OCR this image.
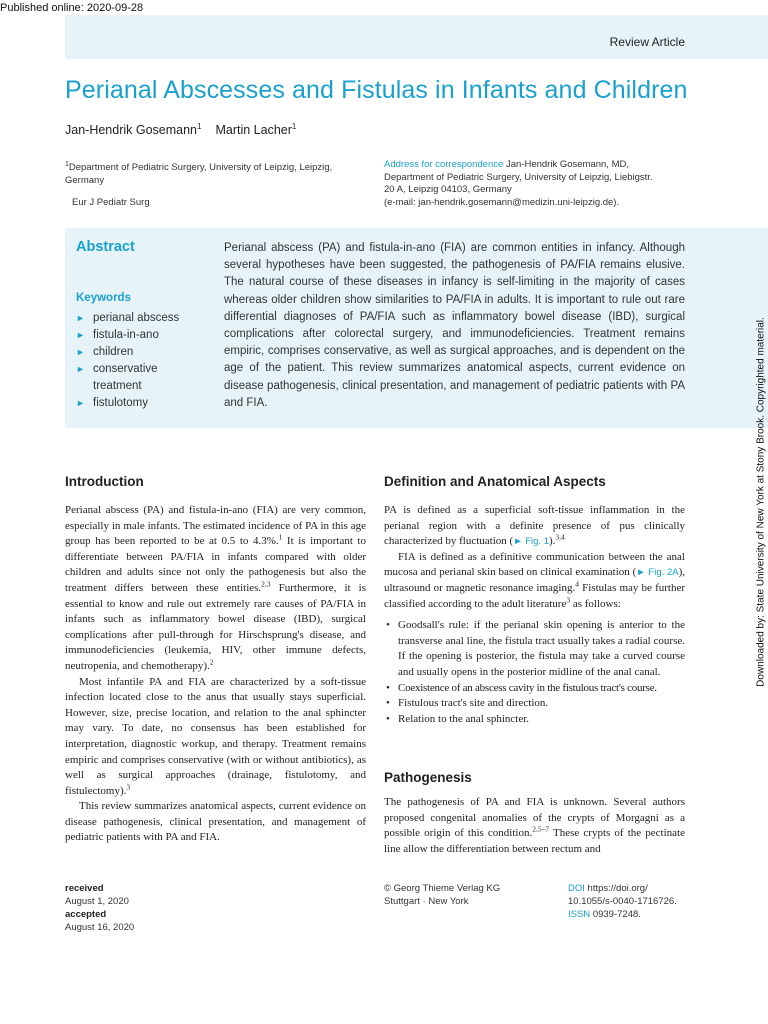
Published online: 2020-09-28
Review Article
Perianal Abscesses and Fistulas in Infants and Children
Jan-Hendrik Gosemann$^1$ Martin Lacher$^1$
$^1$Department of Pediatric Surgery, University of Leipzig, Leipzig, Germany
Eur J Pediatr Surg
Address for correspondence Jan-Hendrik Gosemann, MD,
Department of Pediatric Surgery, University of Leipzig, Liebigstr.
20 A, Leipzig 04103, Germany
(e-mail: jan-hendrik.gosemann@medizin.uni-leipzig.de).
Abstract
Keywords
► perianal abscess
► fistula-in-ano
► children
► conservative treatment
► fistulotomy
Perianal abscess (PA) and fistula-in-ano (FIA) are common entities in infancy. Although several hypotheses have been suggested, the pathogenesis of PA/FIA remains elusive. The natural course of these diseases in infancy is self-limiting in the majority of cases whereas older children show similarities to PA/FIA in adults. It is important to rule out rare differential diagnoses of PA/FIA such as inflammatory bowel disease (IBD), surgical complications after colorectal surgery, and immunodeficiencies. Treatment remains empiric, comprises conservative, as well as surgical approaches, and is dependent on the age of the patient. This review summarizes anatomical aspects, current evidence on disease pathogenesis, clinical presentation, and management of pediatric patients with PA and FIA.
Introduction

Perianal abscess (PA) and fistula-in-ano (FIA) are very common, especially in male infants. The estimated incidence of PA in this age group has been reported to be at 0.5 to 4.3%.$^1$ It is important to differentiate between PA/FIA in infants compared with older children and adults since not only the pathogenesis but also the treatment differs between these entities.$^{2,3}$ Furthermore, it is essential to know and rule out extremely rare causes of PA/FIA in infants such as inflammatory bowel disease (IBD), surgical complications after pull-through for Hirschsprung's disease, and immunodeficiencies (leukemia, HIV, other immune defects, neutropenia, and chemotherapy).$^2$

Most infantile PA and FIA are characterized by a soft-tissue infection located close to the anus that usually stays superficial. However, size, precise location, and relation to the anal sphincter may vary. To date, no consensus has been established for interpretation, diagnostic workup, and therapy. Treatment remains empiric and comprises conservative (with or without antibiotics), as well as surgical approaches (drainage, fistulotomy, and fistulectomy).$^3$

This review summarizes anatomical aspects, current evidence on disease pathogenesis, clinical presentation, and management of pediatric patients with PA and FIA.

Definition and Anatomical Aspects

PA is defined as a superficial soft-tissue inflammation in the perianal region with a definite presence of pus clinically characterized by fluctuation (► Fig. 1).$^{3,4}$

FIA is defined as a definitive communication between the anal mucosa and perianal skin based on clinical examination (► Fig. 2A), ultrasound or magnetic resonance imaging.$^4$ Fistulas may be further classified according to the adult literature$^3$ as follows:

• Goodsall's rule: if the perianal skin opening is anterior to the transverse anal line, the fistula tract usually takes a radial course. If the opening is posterior, the fistula may take a curved course and usually opens in the posterior midline of the anal canal.
• Coexistence of an abscess cavity in the fistulous tract's course.
• Fistulous tract's site and direction.
• Relation to the anal sphincter.
Pathogenesis

The pathogenesis of PA and FIA is unknown. Several authors proposed congenital anomalies of the crypts of Morgagni as a possible origin of this condition.$^{2,5-7}$ These crypts of the pectinate line allow the differentiation between rectum and

received
August 1, 2020
accepted
August 16, 2020
© Georg Thieme Verlag KG
Stuttgart · New York
DOI https://doi.org/
10.1055/s-0040-1716726.
ISSN 0939-7248.
Downloaded by: State University of New York at Stony Brook. Copyrighted material.
